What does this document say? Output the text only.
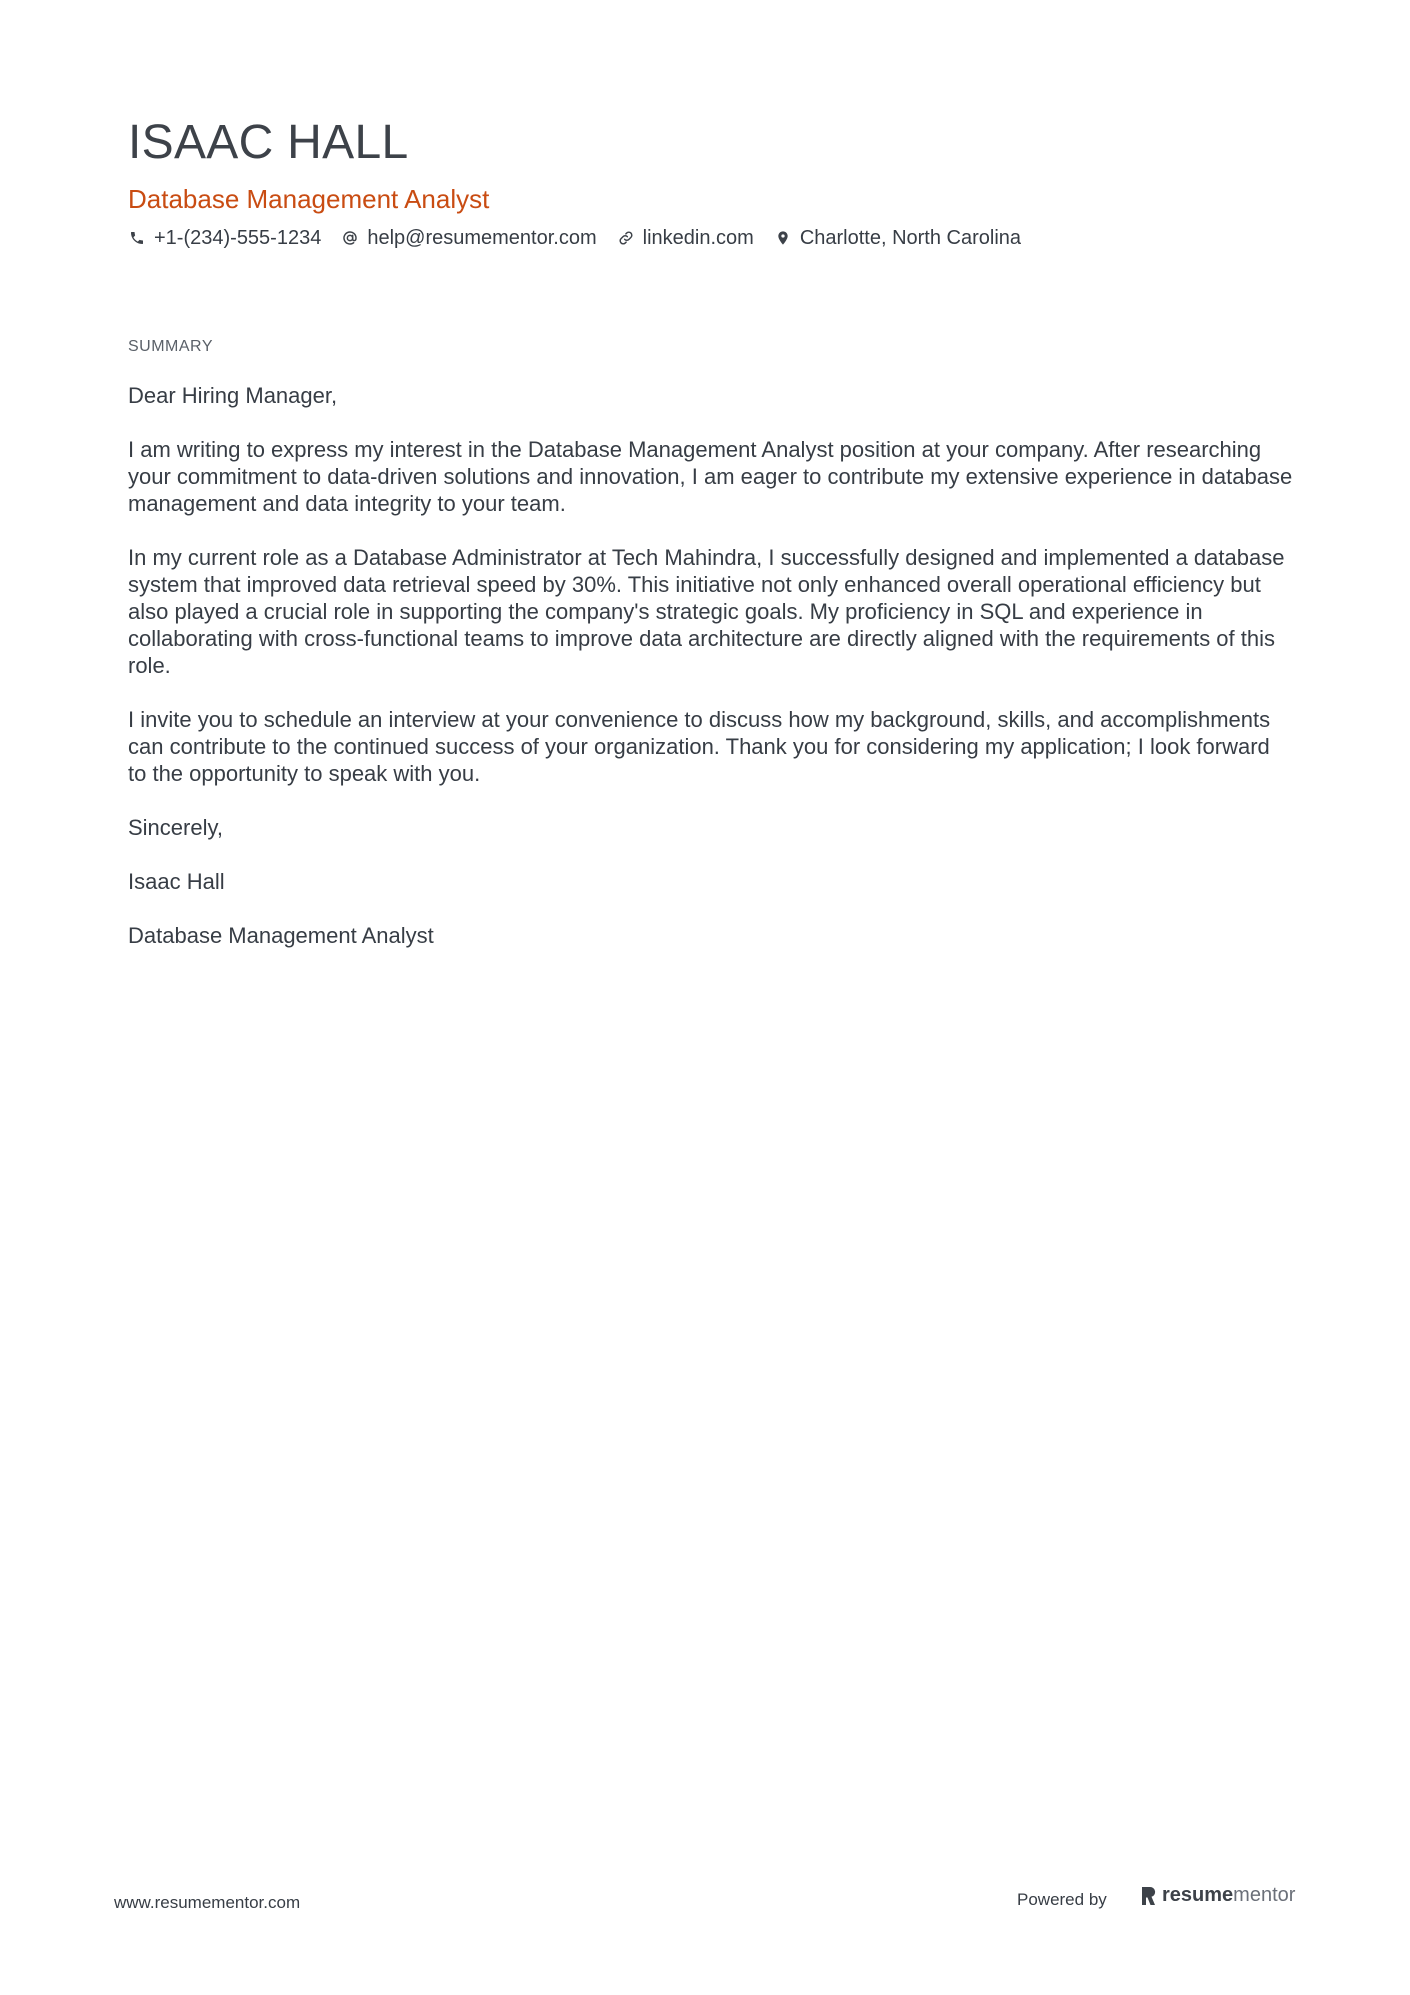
ISAAC HALL
Database Management Analyst
+1-(234)-555-1234 help@resumementor.com linkedin.com Charlotte, North Carolina
SUMMARY

Dear Hiring Manager,

I am writing to express my interest in the Database Management Analyst position at your company. After researching your commitment to data-driven solutions and innovation, I am eager to contribute my extensive experience in database management and data integrity to your team.

In my current role as a Database Administrator at Tech Mahindra, I successfully designed and implemented a database system that improved data retrieval speed by 30%. This initiative not only enhanced overall operational efficiency but also played a crucial role in supporting the company's strategic goals. My proficiency in SQL and experience in collaborating with cross-functional teams to improve data architecture are directly aligned with the requirements of this role.

I invite you to schedule an interview at your convenience to discuss how my background, skills, and accomplishments can contribute to the continued success of your organization. Thank you for considering my application; I look forward to the opportunity to speak with you.

Sincerely,

Isaac Hall

Database Management Analyst

www.resumementor.com	Powered by	resume mentor
